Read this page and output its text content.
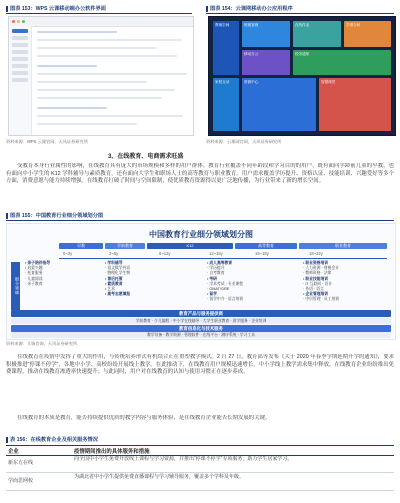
图表 153：WPS 云课移动端办公软件界面
资料来源：WPS 云课官网，天风证券研究所
图表 154：云课网移动办公应用程序
教师空间	班级管理	在线作业	学情分析
移动办公	校务通知
家校互动	资源中心	智慧课堂
资料来源：云课网官网，天风证券研究所
3、在线教育、电商需求旺盛
受教育本身行业属性的影响，在线教育具有庞大的市场规模和多样的用户群体。教育行业覆盖不同年龄段和学习目的的用户，既有面向学龄前儿童的早教，也有面向中小学生的 K12 学科辅导与素质教育，还有面向大学生和职场人士的高等教育与职业教育。用户需求覆盖学历提升、资格认证、技能培训、兴趣爱好等多个方面，消费意愿与能力持续增强。在线教育打破了时间与空间限制，使优质教育资源得以更广泛地传播，为行业带来了新的增长空间。
图表 155：中国教育行业细分领域划分图
中国教育行业细分领域划分图
早教	学前教育	K12	高等教育	职业教育
0~3y	3~6y	6~12y	12~15y	15~18y	18~22y
细分领域
• 亲子陪伴指导
• 启蒙兴趣
· 托育服务
· 儿童阅读
· 亲子教育
• 学科辅导
· 语文数学外语
· 物理化学生物
• 课后托管
• 素质教育
• 艺术
• 高考志愿填报
• 成人高等教育
· 学历提升
· 自考教育
• 考研
· 学术考试 · 专业课程
· GMAT/GRE
• 留学
· 留学中介 · 语言培训
• 职业资格培训
· 人力资源 · 财税会计
· 教师资格 · 法律
• 职业技能培训
· IT 互联网 · 设计
· 外语 · 语言
• 企业管理培训
· 中层管理 · 员工培训
教育产品与服务提供商
学前教育 · 少儿编程 · 中小学在线辅导 · 大学生职业教育 · 留学服务 · 企业培训
教育信息化与技术服务
教学设备 · 教学资源 · 管理软件 · 在线平台 · 测评系统 · 学习工具
资料来源：艾瑞咨询，天风证券研究所
在线教育在疫情中发挥了重大的作用，与传统培养形式有机结合正在重塑教学模式。2 月 27 日，教育部等发布《关于 2020 年春季学期延期开学的通知》，要求积极推进“停课不停学”，各地中小学、高校纷纷开展线上教学。在此推动下，在线教育用户规模迅速增长，中小学线上教学需求集中释放，在线教育企业纷纷推出免费课程，推动在线教育渗透率快速提升；与此同时，用户对在线教育的认知与使用习惯正在逐步养成。
在线教育的本质是教育，能否持续提供优质的教学内容与服务体验，是在线教育企业能否长期发展的关键。
表 156：在线教育企业及相关服务情况
企业	疫情期间推出的具体服务和措施
新东方在线
向全国中小学生免费开放线上课程与学习资源，并推出“停课不停学”专项服务，助力学生居家学习。
学而思网校
为湖北省中小学生提供免费直播课程与学习辅导服务，覆盖多个学科及年级。
